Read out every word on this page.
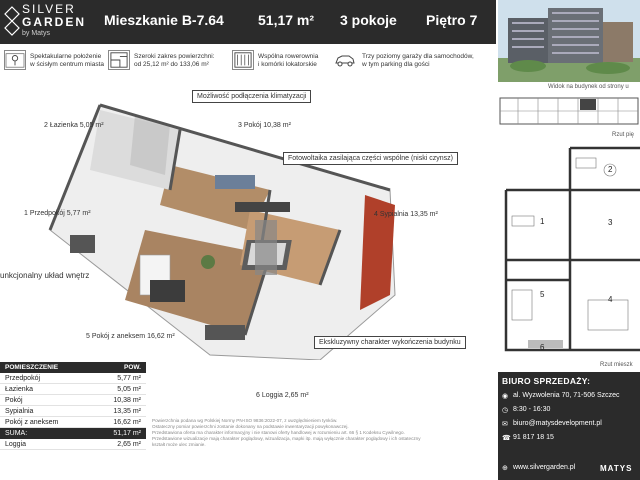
SILVER
GARDEN
by Matys
Mieszkanie B-7.64 51,17 m² 3 pokoje Piętro 7
Spektakularne położenie
w ścisłym centrum miasta
Szeroki zakres powierzchni:
od 25,12 m² do 133,06 m²
Wspólna rowerownia
i komórki lokatorskie
Trzy poziomy garaży dla samochodów,
w tym parking dla gości
Możliwość podłączenia klimatyzacji
2 Łazienka 5,05 m²	3 Pokój 10,38 m²
Fotowoltaika zasilająca części wspólne (niski czynsz)
1 Przedpokój 5,77 m²	4 Sypialnia 13,35 m²
unkcjonalny układ wnętrz
5 Pokój z aneksem 16,62 m²
Ekskluzywny charakter wykończenia budynku
6 Loggia 2,65 m²
POMIESZCZENIE	POW.
Przedpokój	5,77 m²
Łazienka	5,05 m²
Pokój	10,38 m²
Sypialnia	13,35 m²
Pokój z aneksem	16,62 m²
SUMA:	51,17 m²
Loggia	2,65 m²
Powierzchnia podana wg Polskiej Normy PN-ISO 9836:2022-07, z uwzględnieniem tynków.
Ostateczny pomiar powierzchni zostanie dokonany na podstawie inwentaryzacji powykonawczej.
Przedstawiona oferta ma charakter informacyjny i nie stanowi oferty handlowej w rozumieniu art. 66 § 1 Kodeksu Cywilnego.
Przedstawione wizualizacje mają charakter poglądowy, wizualizacja, mapki itp. mają wyłącznie charakter poglądowy i ich ostateczny
kształt może ulec zmianie.
Widok na budynek od strony u
Rzut pię
1
2
3
4
5
6
Rzut mieszk
BIURO SPRZEDAŻY:
◉ al. Wyzwolenia 70, 71-506 Szczec
◷ 8:30 - 16:30
✉ biuro@matysdevelopment.pl
☎ 91 817 18 15
⊕ www.silvergarden.pl	MATYS
